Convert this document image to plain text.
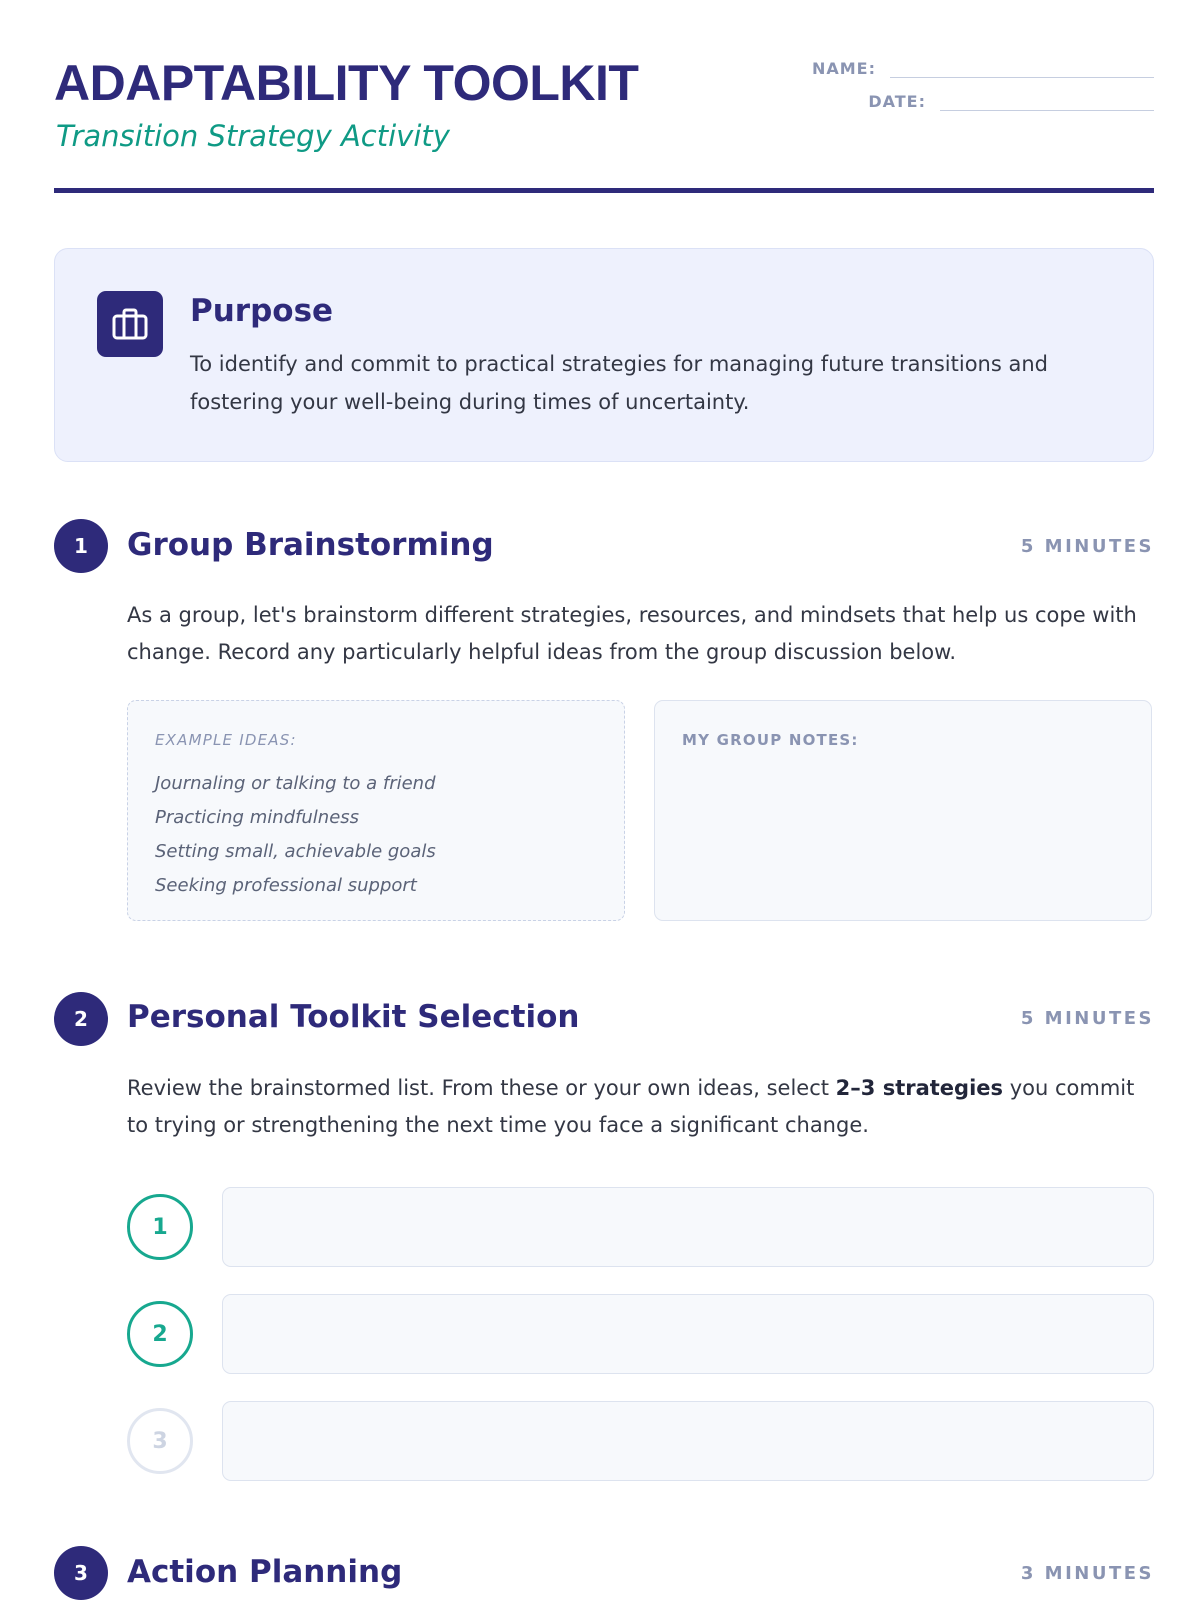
ADAPTABILITY TOOLKIT
Transition Strategy Activity
NAME:
DATE:
Purpose
To identify and commit to practical strategies for managing future transitions and fostering your well-being during times of uncertainty.
1	Group Brainstorming	5 MINUTES
As a group, let's brainstorm different strategies, resources, and mindsets that help us cope with change. Record any particularly helpful ideas from the group discussion below.
EXAMPLE IDEAS:
Journaling or talking to a friend
Practicing mindfulness
Setting small, achievable goals
Seeking professional support
MY GROUP NOTES:
2	Personal Toolkit Selection	5 MINUTES
Review the brainstormed list. From these or your own ideas, select 2–3 strategies you commit to trying or strengthening the next time you face a significant change.
1
2
3
3	Action Planning	3 MINUTES
